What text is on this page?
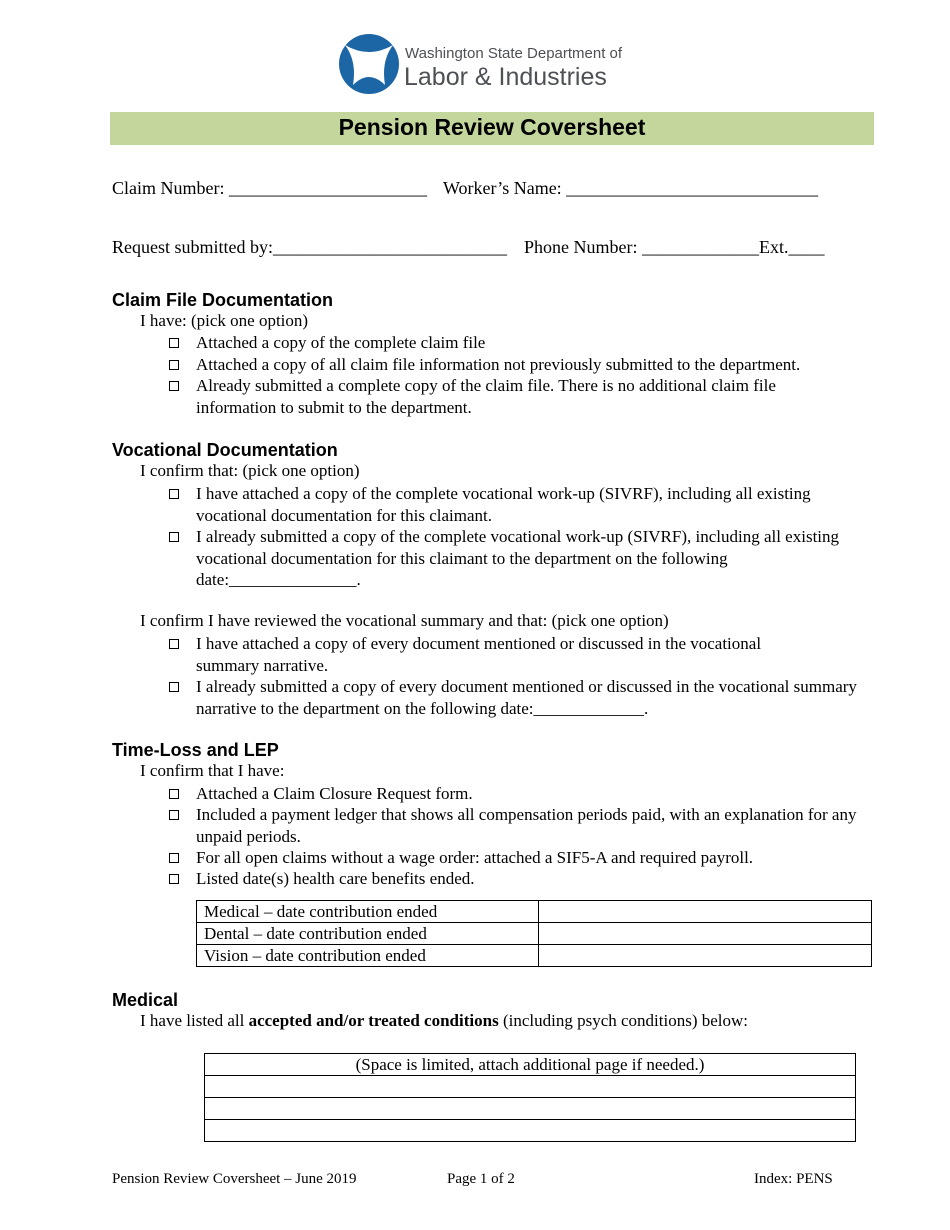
Washington State Department of
Labor & Industries
Pension Review Coversheet
Claim Number: ______________________ Worker’s Name: ____________________________
Request submitted by:__________________________ Phone Number: _____________Ext.____
Claim File Documentation
I have: (pick one option)
Attached a copy of the complete claim file
Attached a copy of all claim file information not previously submitted to the department.
Already submitted a complete copy of the claim file. There is no additional claim file information to submit to the department.
Vocational Documentation
I confirm that: (pick one option)
I have attached a copy of the complete vocational work-up (SIVRF), including all existing vocational documentation for this claimant.
I already submitted a copy of the complete vocational work-up (SIVRF), including all existing vocational documentation for this claimant to the department on the following date:_______________.
I confirm I have reviewed the vocational summary and that: (pick one option)
I have attached a copy of every document mentioned or discussed in the vocational summary narrative.
I already submitted a copy of every document mentioned or discussed in the vocational summary narrative to the department on the following date:_____________.
Time-Loss and LEP
I confirm that I have:
Attached a Claim Closure Request form.
Included a payment ledger that shows all compensation periods paid, with an explanation for any unpaid periods.
For all open claims without a wage order: attached a SIF5-A and required payroll.
Listed date(s) health care benefits ended.
Medical – date contribution ended	
Dental – date contribution ended	
Vision – date contribution ended	
Medical
I have listed all accepted and/or treated conditions (including psych conditions) below:
(Space is limited, attach additional page if needed.)

Pension Review Coversheet – June 2019	Page 1 of 2	Index: PENS
